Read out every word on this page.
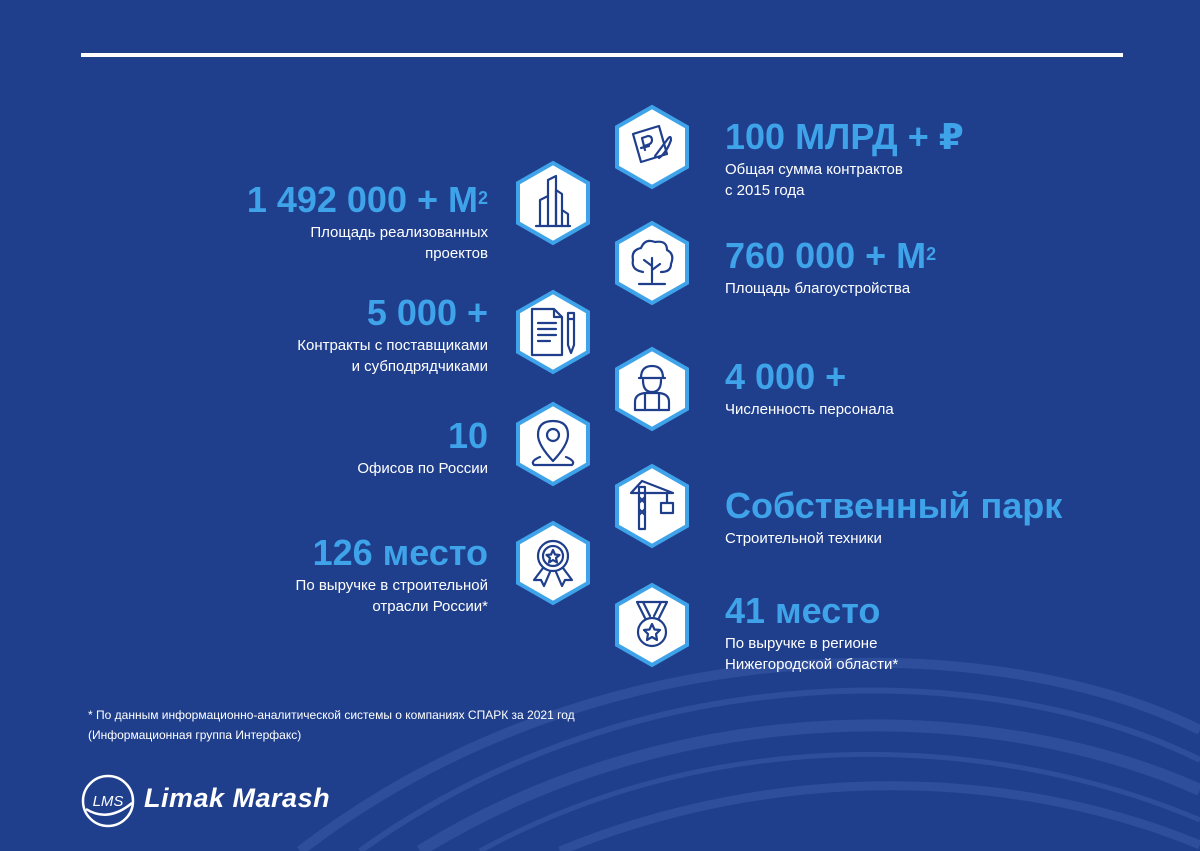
1 492 $000 + М^2$
Площадь реализованных
проектов
5 000 +
Контракты с поставщиками
и субподрядчиками
10
Офисов по России
126 место
По выручке в строительной
отрасли России*
100 МЛРД + ₽
Общая сумма контрактов
с 2015 года
760 $000 + М^2$
Площадь благоустройства
4 000 +
Численность персонала
Собственный парк
Строительной техники
41 место
По выручке в регионе
Нижегородской области*
* По данным информационно-аналитической системы о компаниях СПАРК за 2021 год
(Информационная группа Интерфакс)
LMS Limak Marash
